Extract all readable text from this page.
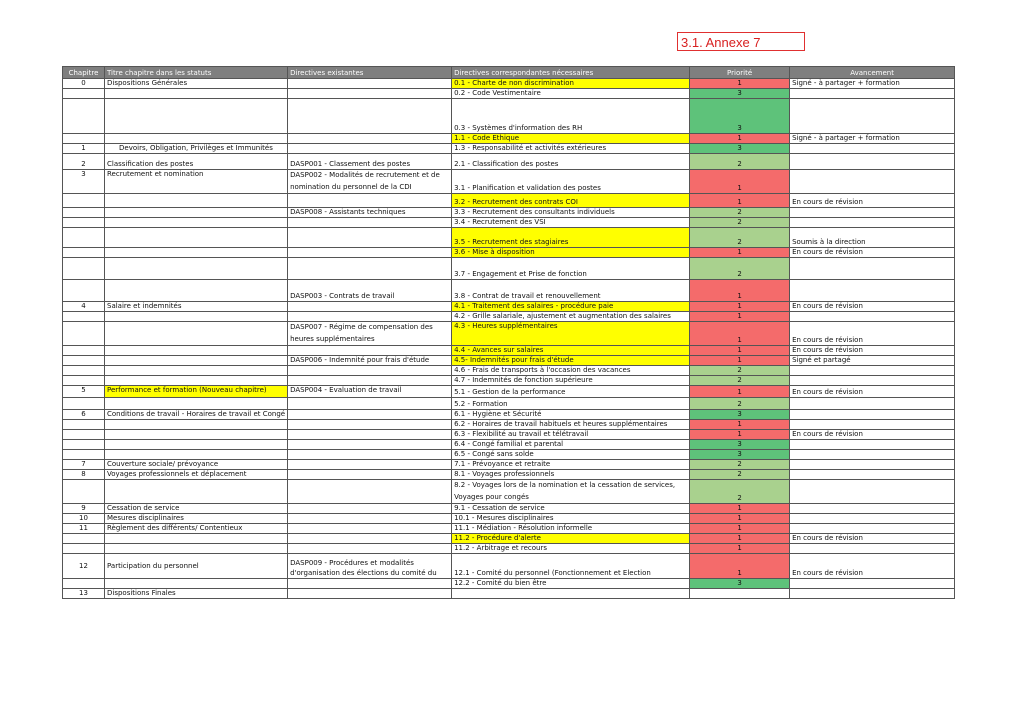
3.1. Annexe 7
Chapitre	Titre chapitre dans les statuts	Directives existantes	Directives correspondantes nécessaires	Priorité	Avancement
0	Dispositions Générales		0.1 - Charte de non discrimination	1	Signé - à partager + formation
			0.2 - Code Vestimentaire	3	
			0.3 - Systèmes d'information des RH	3	
			1.1 - Code Ethique	1	Signé - à partager + formation
1	Devoirs, Obligation, Privilèges et Immunités		1.3 - Responsabilité et activités extérieures	3	
2	Classification des postes	DASP001 - Classement des postes	2.1 - Classification des postes	2	
3	Recrutement et nomination	DASP002 - Modalités de recrutement et de nomination du personnel de la CDI	3.1 - Planification et validation des postes	1	
			3.2 - Recrutement des contrats COI	1	En cours de révision
		DASP008 - Assistants techniques	3.3 - Recrutement des consultants individuels	2	
			3.4 - Recrutement des VSI	2	
			3.5 - Recrutement des stagiaires	2	Soumis à la direction
			3.6 - Mise à disposition	1	En cours de révision
			3.7 - Engagement et Prise de fonction	2	
		DASP003 - Contrats de travail	3.8 - Contrat de travail et renouvellement	1	
4	Salaire et indemnités		4.1 - Traitement des salaires - procédure paie	1	En cours de révision
			4.2 - Grille salariale, ajustement et augmentation des salaires	1	
		DASP007 - Régime de compensation des heures supplémentaires	4.3 - Heures supplémentaires	1	En cours de révision
			4.4 - Avances sur salaires	1	En cours de révision
		DASP006 - Indemnité pour frais d'étude	4.5- Indemnités pour frais d'étude	1	Signé et partagé
			4.6 - Frais de transports à l'occasion des vacances	2	
			4.7 - Indemnités de fonction supérieure	2	
5	Performance et formation (Nouveau chapitre)	DASP004 - Evaluation de travail	5.1 - Gestion de la performance	1	En cours de révision
			5.2 - Formation	2	
6	Conditions de travail - Horaires de travail et Congé		6.1 - Hygiène et Sécurité	3	
			6.2 - Horaires de travail habituels et heures supplémentaires	1	
			6.3 - Flexibilité au travail et télétravail	1	En cours de révision
			6.4 - Congé familial et parental	3	
			6.5 - Congé sans solde	3	
7	Couverture sociale/ prévoyance		7.1 - Prévoyance et retraite	2	
8	Voyages professionnels et déplacement		8.1 - Voyages professionnels	2	
			8.2 - Voyages lors de la nomination et la cessation de services, Voyages pour congés	2	
9	Cessation de service		9.1 - Cessation de service	1	
10	Mesures disciplinaires		10.1 - Mesures disciplinaires	1	
11	Règlement des différents/ Contentieux		11.1 - Médiation - Résolution informelle	1	
			11.2 - Procédure d'alerte	1	En cours de révision
			11.2 - Arbitrage et recours	1	
12	Participation du personnel	DASP009 - Procédures et modalités d'organisation des élections du comité du	12.1 - Comité du personnel (Fonctionnement et Election	1	En cours de révision
			12.2 - Comité du bien être	3	
13	Dispositions Finales				
